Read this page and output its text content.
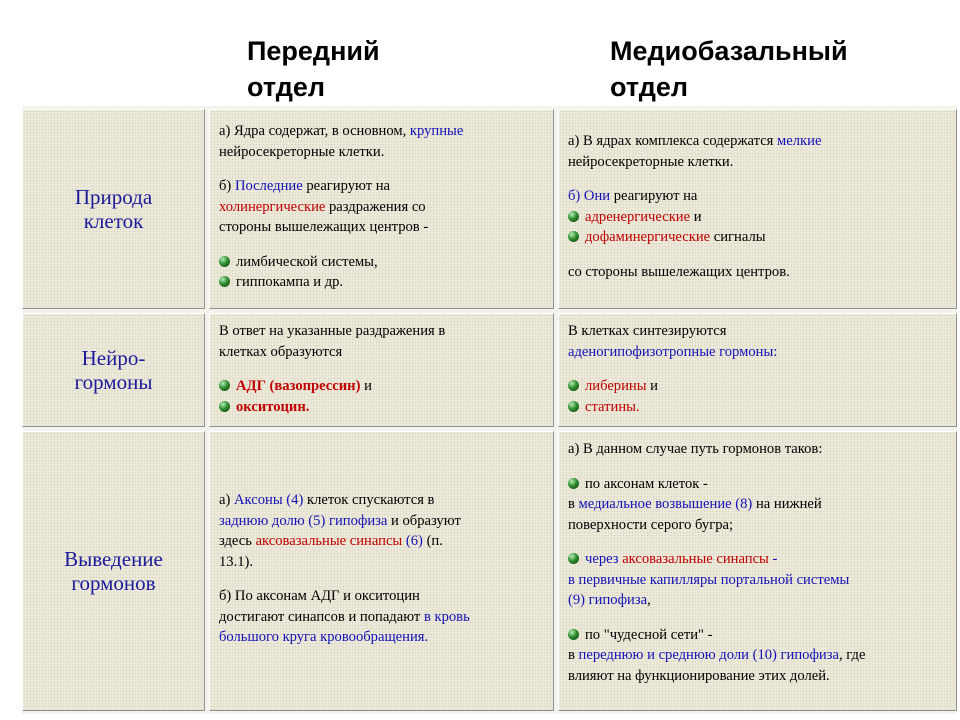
Передний
отдел
Медиобазальный
отдел
Природа
клеток
а) Ядра содержат, в основном, крупные
нейросекреторные клетки.
б) Последние реагируют на
холинергические раздражения со
стороны вышележащих центров -
лимбической системы,
гиппокампа и др.
а) В ядрах комплекса содержатся мелкие
нейросекреторные клетки.
б) Они реагируют на
адренергические и
дофаминергические сигналы
со стороны вышележащих центров.
Нейро-
гормоны
В ответ на указанные раздражения в
клетках образуются
АДГ (вазопрессин) и
окситоцин.
В клетках синтезируются
аденогипофизотропные гормоны:
либерины и
статины.
Выведение
гормонов
а) Аксоны (4) клеток спускаются в
заднюю долю (5) гипофиза и образуют
здесь аксовазальные синапсы (6) (п.
13.1).
б) По аксонам АДГ и окситоцин
достигают синапсов и попадают в кровь
большого круга кровообращения.
а) В данном случае путь гормонов таков:
по аксонам клеток -
в медиальное возвышение (8) на нижней
поверхности серого бугра;
через аксовазальные синапсы -
в первичные капилляры портальной системы
(9) гипофиза,
по "чудесной сети" -
в переднюю и среднюю доли (10) гипофиза, где
влияют на функционирование этих долей.
